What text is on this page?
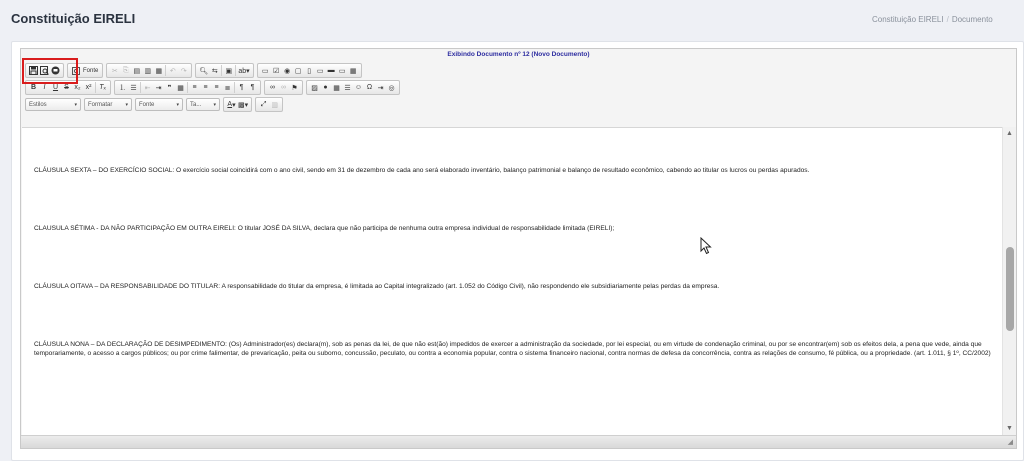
Constituição EIRELI	Constituição EIRELI / Documento
Exibindo Documento nº 12 (Novo Documento)
Fonte	✂ ⎘ ▤ ▥ ▦	↶ ↷	🔍︎ ⇆	▣ ab▾	▭ ☑ ◉ ▢ ▯ ▭ ▬ ▭ ▦
B I U S x₂ x²	T ₓ	⒈ ☰	⇤ ⇥ ❞ ▦	≡ ≡ ≡ ≣	¶	¶	∞ ∞ ⚑	▨ ● ▦ ☰ ☺ Ω ⇥ ◎
Estilos	▾ Formatar	▾ Fonte	▾ Ta... ▾ A ▾ ▩▾	⤢ ▥
CLÁUSULA SEXTA – DO EXERCÍCIO SOCIAL: O exercício social coincidirá com o ano civil, sendo em 31 de dezembro de cada ano será elaborado inventário, balanço patrimonial e balanço de resultado econômico, cabendo ao titular os lucros ou perdas apurados.
CLAUSULA SÉTIMA - DA NÃO PARTICIPAÇÃO EM OUTRA EIRELI: O titular JOSÉ DA SILVA, declara que não participa de nenhuma outra empresa individual de responsabilidade limitada (EIRELI);
CLÁUSULA OITAVA – DA RESPONSABILIDADE DO TITULAR: A responsabilidade do titular da empresa, é limitada ao Capital integralizado (art. 1.052 do Código Civil), não respondendo ele subsidiariamente pelas perdas da empresa.
CLÁUSULA NONA – DA DECLARAÇÃO DE DESIMPEDIMENTO: (Os) Administrador(es) declara(m), sob as penas da lei, de que não est(ão) impedidos de exercer a administração da sociedade, por lei especial, ou em virtude de condenação criminal, ou por se encontrar(em) sob os efeitos dela, a pena que vede, ainda que temporariamente, o acesso a cargos públicos; ou por crime falimentar, de prevaricação, peita ou suborno, concussão, peculato, ou contra a economia popular, contra o sistema financeiro nacional, contra normas de defesa da concorrência, contra as relações de consumo, fé pública, ou a propriedade. (art. 1.011, § 1º, CC/2002)
▲
▼
◢
